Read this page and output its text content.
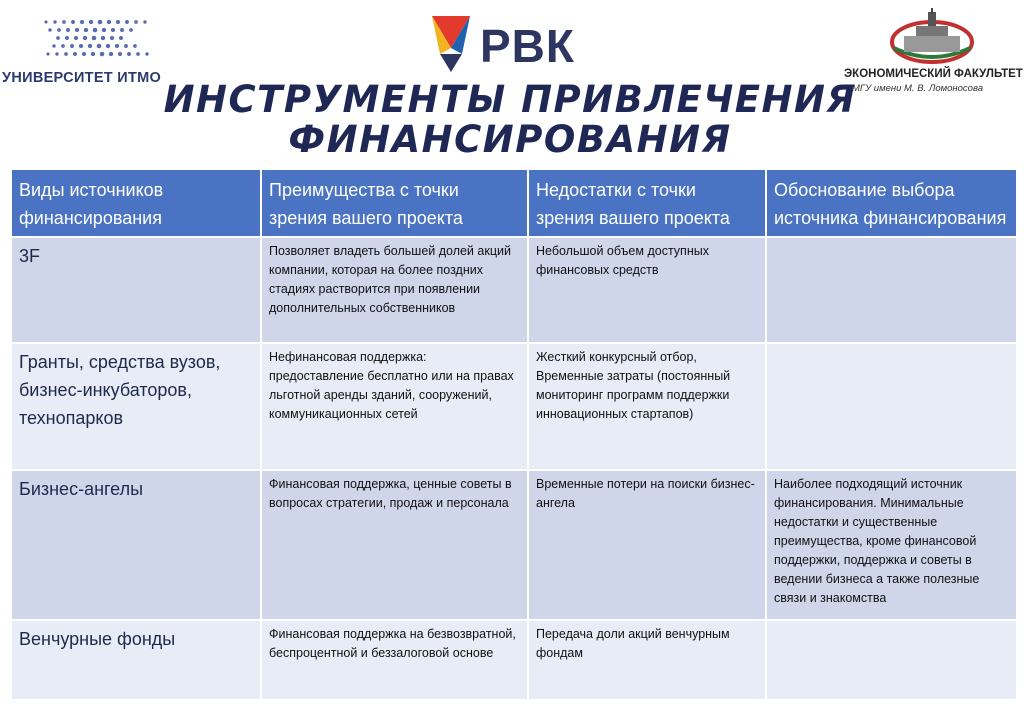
УНИВЕРСИТЕТ ИТМО
РВК
ЭКОНОМИЧЕСКИЙ ФАКУЛЬТЕТ
МГУ имени М. В. Ломоносова
ИНСТРУМЕНТЫ ПРИВЛЕЧЕНИЯ
ФИНАНСИРОВАНИЯ
Виды источников финансирования	Преимущества с точки зрения вашего проекта	Недостатки с точки зрения вашего проекта	Обоснование выбора источника финансирования
3F	Позволяет владеть большей долей акций компании, которая на более поздних стадиях растворится при появлении дополнительных собственников	Небольшой объем доступных финансовых средств	
Гранты, средства вузов, бизнес-инкубаторов, технопарков	Нефинансовая поддержка: предоставление бесплатно или на правах льготной аренды зданий, сооружений, коммуникационных сетей	Жесткий конкурсный отбор, Временные затраты (постоянный мониторинг программ поддержки инновационных стартапов)	
Бизнес-ангелы	Финансовая поддержка, ценные советы в вопросах стратегии, продаж и персонала	Временные потери на поиски бизнес-ангела	Наиболее подходящий источник финансирования. Минимальные недостатки и существенные преимущества, кроме финансовой поддержки, поддержка и советы в ведении бизнеса а также полезные связи и знакомства
Венчурные фонды	Финансовая поддержка на безвозвратной, беспроцентной и беззалоговой основе	Передача доли акций венчурным фондам	
